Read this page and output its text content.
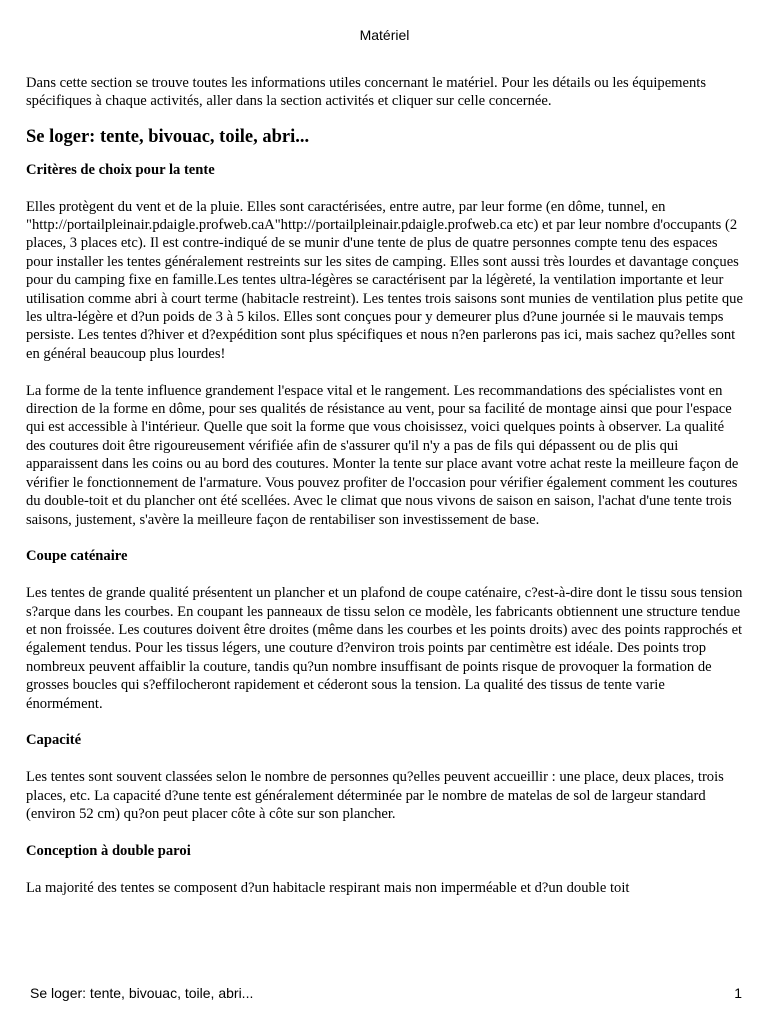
Matériel

Dans cette section se trouve toutes les informations utiles concernant le matériel. Pour les détails ou les équipements spécifiques à chaque activités, aller dans la section activités et cliquer sur celle concernée.

Se loger: tente, bivouac, toile, abri...
Critères de choix pour la tente

Elles protègent du vent et de la pluie. Elles sont caractérisées, entre autre, par leur forme (en dôme, tunnel, en "http://portailpleinair.pdaigle.profweb.caA"http://portailpleinair.pdaigle.profweb.ca etc) et par leur nombre d'occupants (2 places, 3 places etc). Il est contre-indiqué de se munir d'une tente de plus de quatre personnes compte tenu des espaces pour installer les tentes généralement restreints sur les sites de camping. Elles sont aussi très lourdes et davantage conçues pour du camping fixe en famille.Les tentes ultra-légères se caractérisent par la légèreté, la ventilation importante et leur utilisation comme abri à court terme (habitacle restreint). Les tentes trois saisons sont munies de ventilation plus petite que les ultra-légère et d?un poids de 3 à 5 kilos. Elles sont conçues pour y demeurer plus d?une journée si le mauvais temps persiste. Les tentes d?hiver et d?expédition sont plus spécifiques et nous n?en parlerons pas ici, mais sachez qu?elles sont en général beaucoup plus lourdes!

La forme de la tente influence grandement l'espace vital et le rangement. Les recommandations des spécialistes vont en direction de la forme en dôme, pour ses qualités de résistance au vent, pour sa facilité de montage ainsi que pour l'espace qui est accessible à l'intérieur. Quelle que soit la forme que vous choisissez, voici quelques points à observer. La qualité des coutures doit être rigoureusement vérifiée afin de s'assurer qu'il n'y a pas de fils qui dépassent ou de plis qui apparaissent dans les coins ou au bord des coutures. Monter la tente sur place avant votre achat reste la meilleure façon de vérifier le fonctionnement de l'armature. Vous pouvez profiter de l'occasion pour vérifier également comment les coutures du double-toit et du plancher ont été scellées. Avec le climat que nous vivons de saison en saison, l'achat d'une tente trois saisons, justement, s'avère la meilleure façon de rentabiliser son investissement de base.

Coupe caténaire

Les tentes de grande qualité présentent un plancher et un plafond de coupe caténaire, c?est-à-dire dont le tissu sous tension s?arque dans les courbes. En coupant les panneaux de tissu selon ce modèle, les fabricants obtiennent une structure tendue et non froissée. Les coutures doivent être droites (même dans les courbes et les points droits) avec des points rapprochés et également tendus. Pour les tissus légers, une couture d?environ trois points par centimètre est idéale. Des points trop nombreux peuvent affaiblir la couture, tandis qu?un nombre insuffisant de points risque de provoquer la formation de grosses boucles qui s?effilocheront rapidement et céderont sous la tension. La qualité des tissus de tente varie énormément.

Capacité

Les tentes sont souvent classées selon le nombre de personnes qu?elles peuvent accueillir : une place, deux places, trois places, etc. La capacité d?une tente est généralement déterminée par le nombre de matelas de sol de largeur standard (environ 52 cm) qu?on peut placer côte à côte sur son plancher.

Conception à double paroi

La majorité des tentes se composent d?un habitacle respirant mais non imperméable et d?un double toit

Se loger: tente, bivouac, toile, abri...	1
